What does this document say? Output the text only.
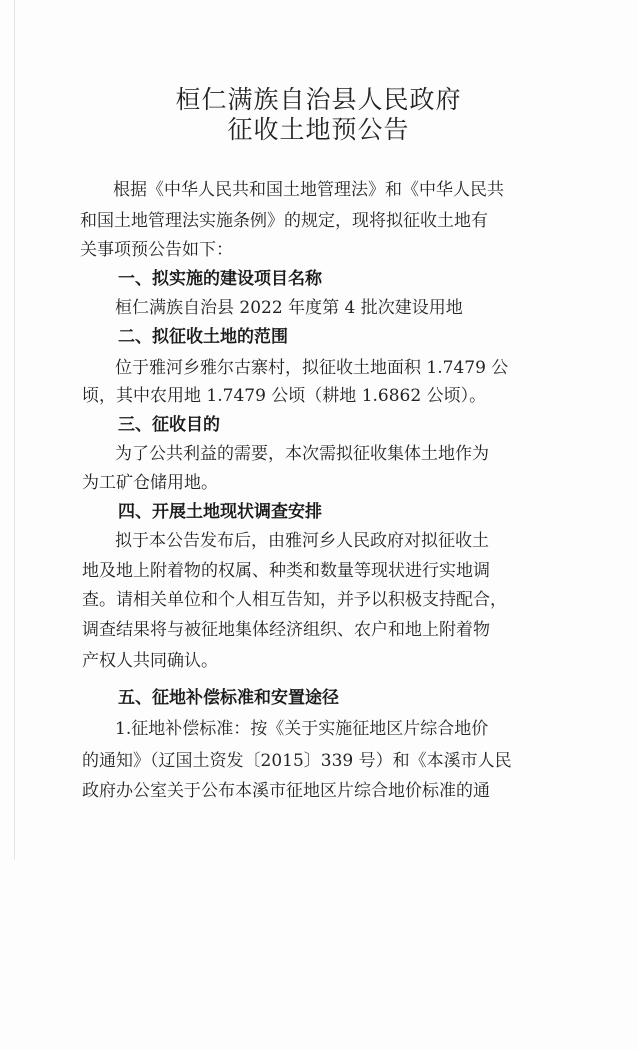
桓仁满族自治县人民政府
征收土地预公告

根据《中华人民共和国土地管理法》和《中华人民共

和国土地管理法实施条例》的规定，现将拟征收土地有

关事项预公告如下：

一、拟实施的建设项目名称

桓仁满族自治县 2022 年度第 4 批次建设用地

二、拟征收土地的范围

位于雅河乡雅尔古寨村，拟征收土地面积 1.7479 公

顷，其中农用地 1.7479 公顷（耕地 1.6862 公顷）。

三、征收目的

为了公共利益的需要，本次需拟征收集体土地作为

为工矿仓储用地。

四、开展土地现状调查安排

拟于本公告发布后，由雅河乡人民政府对拟征收土

地及地上附着物的权属、种类和数量等现状进行实地调

查。请相关单位和个人相互告知，并予以积极支持配合，

调查结果将与被征地集体经济组织、农户和地上附着物

产权人共同确认。

五、征地补偿标准和安置途径

1.征地补偿标准：按《关于实施征地区片综合地价

的通知》（辽国土资发〔2015〕339 号）和《本溪市人民

政府办公室关于公布本溪市征地区片综合地价标准的通
